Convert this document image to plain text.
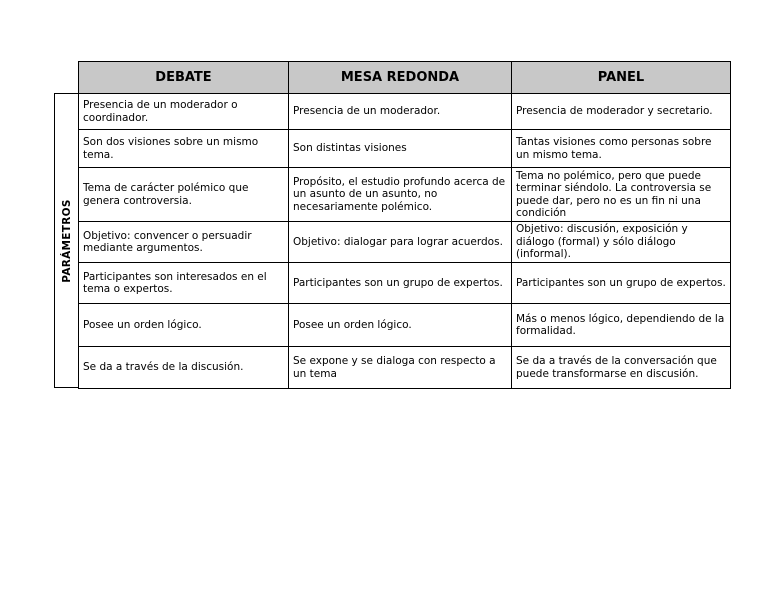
PARÁMETROS
DEBATE	MESA REDONDA	PANEL
Presencia de un moderador o coordinador.	Presencia de un moderador.	Presencia de moderador y secretario.
Son dos visiones sobre un mismo tema.	Son distintas visiones	Tantas visiones como personas sobre un mismo tema.
Tema de carácter polémico que genera controversia.	Propósito, el estudio profundo acerca de un asunto de un asunto, no necesariamente polémico.	Tema no polémico, pero que puede terminar siéndolo. La controversia se puede dar, pero no es un fin ni una condición
Objetivo: convencer o persuadir mediante argumentos.	Objetivo: dialogar para lograr acuerdos.	Objetivo: discusión, exposición y diálogo (formal) y sólo diálogo (informal).
Participantes son interesados en el tema o expertos.	Participantes son un grupo de expertos.	Participantes son un grupo de expertos.
Posee un orden lógico.	Posee un orden lógico.	Más o menos lógico, dependiendo de la formalidad.
Se da a través de la discusión.	Se expone y se dialoga con respecto a un tema	Se da a través de la conversación que puede transformarse en discusión.
